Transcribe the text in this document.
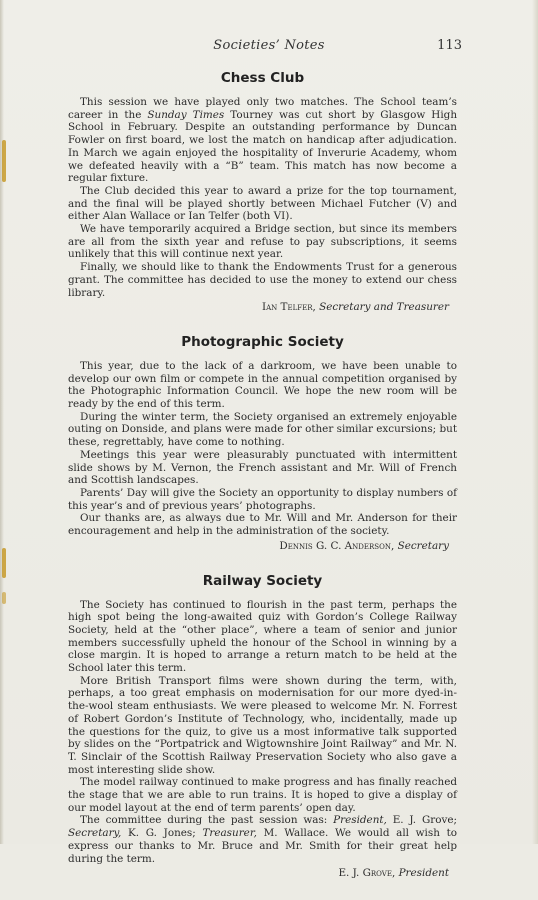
Societies’ Notes	113
Chess Club

This session we have played only two matches. The School team’s career in the Sunday Times Tourney was cut short by Glasgow High School in February. Despite an outstanding performance by Duncan Fowler on first board, we lost the match on handicap after adjudication. In March we again enjoyed the hospitality of Inverurie Academy, whom we defeated heavily with a “B” team. This match has now become a regular fixture.

The Club decided this year to award a prize for the top tournament, and the final will be played shortly between Michael Futcher (V) and either Alan Wallace or Ian Telfer (both VI).

We have temporarily acquired a Bridge section, but since its members are all from the sixth year and refuse to pay subscriptions, it seems unlikely that this will continue next year.

Finally, we should like to thank the Endowments Trust for a generous grant. The committee has decided to use the money to extend our chess library.

Ian Telfer, Secretary and Treasurer

Photographic Society

This year, due to the lack of a darkroom, we have been unable to develop our own film or compete in the annual competition organised by the Photographic Information Council. We hope the new room will be ready by the end of this term.

During the winter term, the Society organised an extremely enjoyable outing on Donside, and plans were made for other similar excursions; but these, regrettably, have come to nothing.

Meetings this year were pleasurably punctuated with intermittent slide shows by M. Vernon, the French assistant and Mr. Will of French and Scottish landscapes.

Parents’ Day will give the Society an opportunity to display numbers of this year’s and of previous years’ photographs.

Our thanks are, as always due to Mr. Will and Mr. Anderson for their encouragement and help in the administration of the society.

Dennis G. C. Anderson, Secretary

Railway Society

The Society has continued to flourish in the past term, perhaps the high spot being the long-awaited quiz with Gordon’s College Railway Society, held at the “other place”, where a team of senior and junior members successfully upheld the honour of the School in winning by a close margin. It is hoped to arrange a return match to be held at the School later this term.

More British Transport films were shown during the term, with, perhaps, a too great emphasis on modernisation for our more dyed-in-the-wool steam enthusiasts. We were pleased to welcome Mr. N. Forrest of Robert Gordon’s Institute of Technology, who, incidentally, made up the questions for the quiz, to give us a most informative talk supported by slides on the “Portpatrick and Wigtownshire Joint Railway” and Mr. N. T. Sinclair of the Scottish Railway Preservation Society who also gave a most interesting slide show.

The model railway continued to make progress and has finally reached the stage that we are able to run trains. It is hoped to give a display of our model layout at the end of term parents’ open day.

The committee during the past session was: President, E. J. Grove; Secretary, K. G. Jones; Treasurer, M. Wallace. We would all wish to express our thanks to Mr. Bruce and Mr. Smith for their great help during the term.

E. J. Grove, President
